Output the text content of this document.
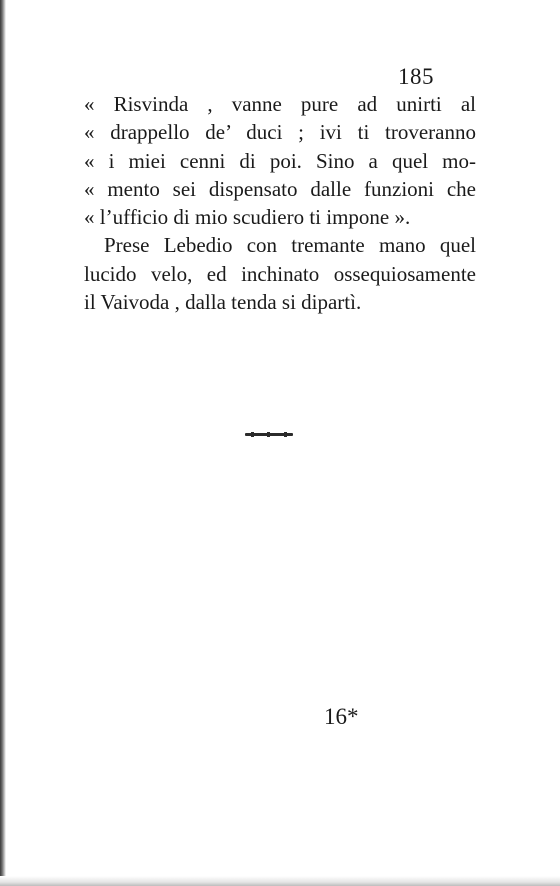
185
« Risvinda , vanne pure ad unirti al
« drappello de’ duci ; ivi ti troveranno
« i miei cenni di poi. Sino a quel mo-
« mento sei dispensato dalle funzioni che
« l’ufficio di mio scudiero ti impone ».
Prese Lebedio con tremante mano quel
lucido velo, ed inchinato ossequiosamente
il Vaivoda , dalla tenda si dipartì.
16*
